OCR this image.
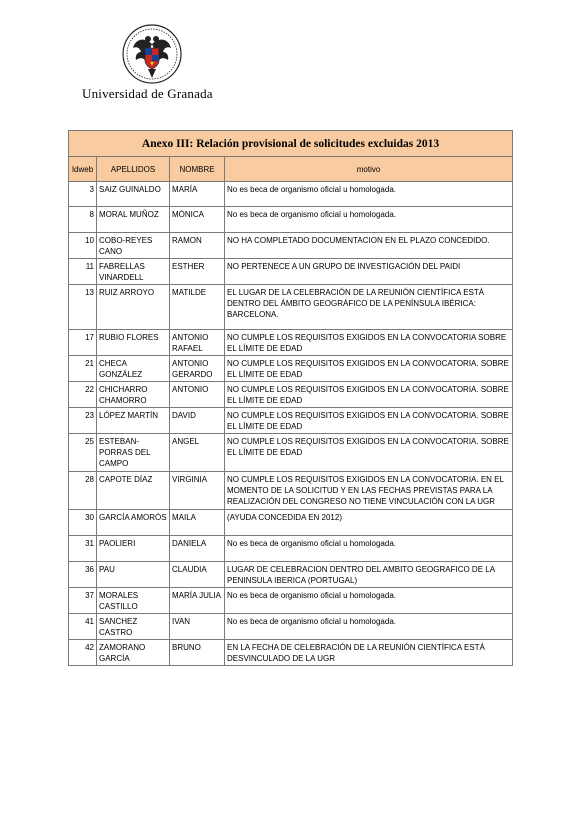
Universidad de Granada
Anexo III: Relación provisional de solicitudes excluidas 2013			
Idweb	APELLIDOS	NOMBRE	motivo
3	SAIZ GUINALDO	MARÍA	No es beca de organismo oficial u homologada.
8	MORAL MUÑOZ	MÓNICA	No es beca de organismo oficial u homologada.
10	COBO-REYES CANO	RAMON	NO HA COMPLETADO DOCUMENTACION EN EL PLAZO CONCEDIDO.
11	FABRELLAS VINARDELL	ESTHER	NO PERTENECE A UN GRUPO DE INVESTIGACIÓN DEL PAIDI
13	RUIZ ARROYO	MATILDE	EL LUGAR DE LA CELEBRACIÓN DE LA REUNIÓN CIENTÍFICA ESTÁ DENTRO DEL ÁMBITO GEOGRÁFICO DE LA PENÍNSULA IBÉRICA: BARCELONA.
17	RUBIO FLORES	ANTONIO RAFAEL	NO CUMPLE LOS REQUISITOS EXIGIDOS EN LA CONVOCATORIA SOBRE EL LÍMITE DE EDAD
21	CHECA GONZÁLEZ	ANTONIO GERARDO	NO CUMPLE LOS REQUISITOS EXIGIDOS EN LA CONVOCATORIA. SOBRE EL LÍMITE DE EDAD
22	CHICHARRO CHAMORRO	ANTONIO	NO CUMPLE LOS REQUISITOS EXIGIDOS EN LA CONVOCATORIA. SOBRE EL LÍMITE DE EDAD
23	LÓPEZ MARTÍN	DAVID	NO CUMPLE LOS REQUISITOS EXIGIDOS EN LA CONVOCATORIA. SOBRE EL LÍMITE DE EDAD
25	ESTEBAN-PORRAS DEL CAMPO	ANGEL	NO CUMPLE LOS REQUISITOS EXIGIDOS EN LA CONVOCATORIA. SOBRE EL LÍMITE DE EDAD
28	CAPOTE DÍAZ	VIRGINIA	NO CUMPLE LOS REQUISITOS EXIGIDOS EN LA CONVOCATORIA. EN EL MOMENTO DE LA SOLICITUD Y EN LAS FECHAS PREVISTAS PARA LA REALIZACIÓN DEL CONGRESO NO TIENE VINCULACIÓN CON LA UGR
30	GARCÍA AMORÓS	MAILA	(AYUDA CONCEDIDA EN 2012)
31	PAOLIERI	DANIELA	No es beca de organismo oficial u homologada.
36	PAU	CLAUDIA	LUGAR DE CELEBRACION DENTRO DEL AMBITO GEOGRAFICO DE LA PENINSULA IBERICA (PORTUGAL)
37	MORALES CASTILLO	MARÍA JULIA	No es beca de organismo oficial u homologada.
41	SANCHEZ CASTRO	IVAN	No es beca de organismo oficial u homologada.
42	ZAMORANO GARCÍA	BRUNO	EN LA FECHA DE CELEBRACIÓN DE LA REUNIÓN CIENTÍFICA ESTÁ DESVINCULADO DE LA UGR
